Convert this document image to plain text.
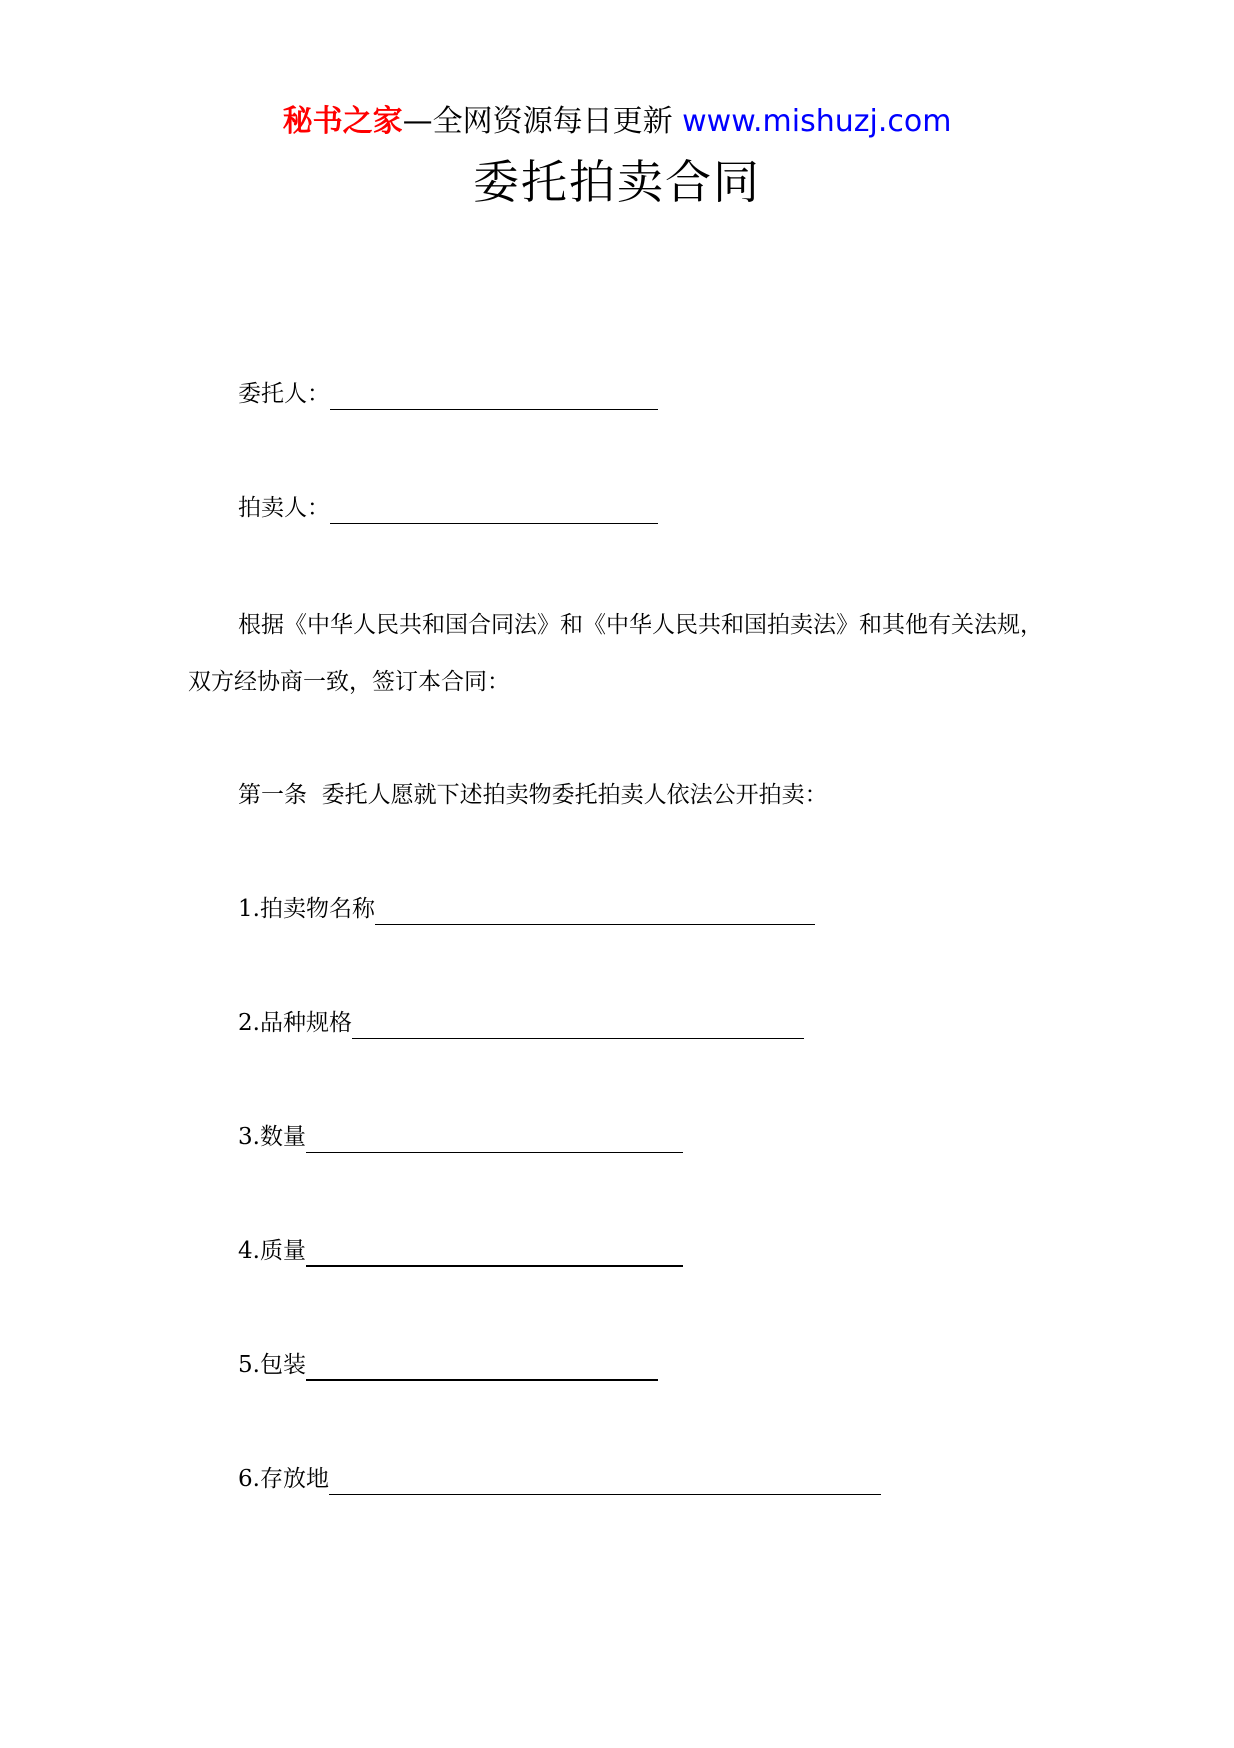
秘书之家—全网资源每日更新 www.mishuzj.com
委托拍卖合同
委托人：
拍卖人：
根据《中华人民共和国合同法》和《中华人民共和国拍卖法》和其他有关法规，双方经协商一致，签订本合同：
第一条  委托人愿就下述拍卖物委托拍卖人依法公开拍卖：
1.拍卖物名称
2.品种规格
3.数量
4.质量
5.包装
6.存放地
